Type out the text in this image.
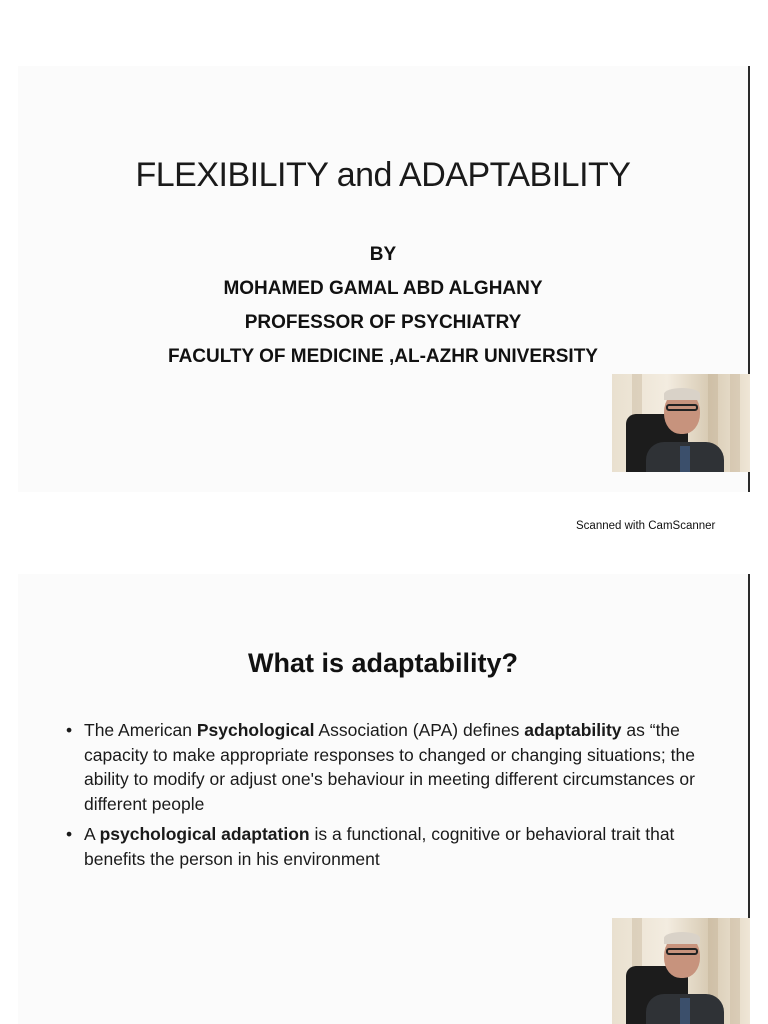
FLEXIBILITY and ADAPTABILITY
BY
MOHAMED GAMAL ABD ALGHANY
PROFESSOR OF PSYCHIATRY
FACULTY OF MEDICINE ,AL-AZHR UNIVERSITY
Scanned with CamScanner
What is adaptability?
• The American Psychological Association (APA) defines adaptability as “the capacity to make appropriate responses to changed or changing situations; the ability to modify or adjust one's behaviour in meeting different circumstances or different people
• A psychological adaptation is a functional, cognitive or behavioral trait that benefits the person in his environment
